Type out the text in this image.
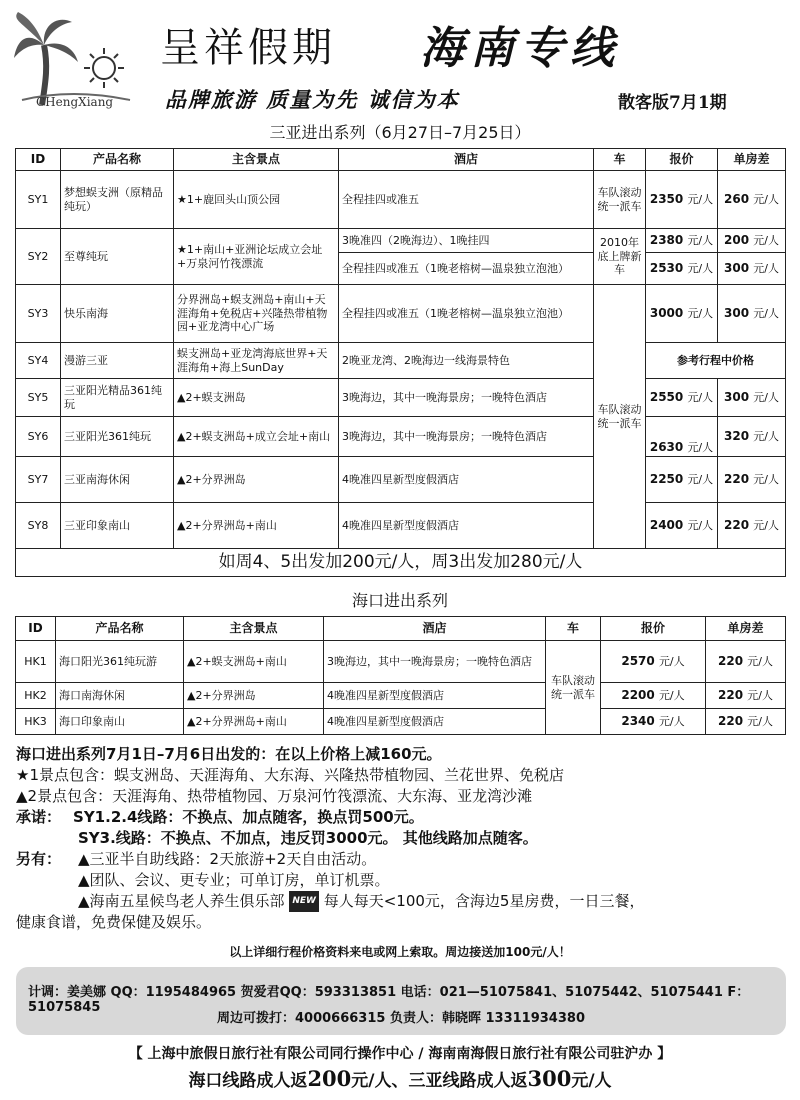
CHengXiang
呈祥假期 海南专线
品牌旅游 质量为先 诚信为本	散客版7月1期
三亚进出系列（6月27日–7月25日）
ID	产品名称	主含景点	酒店	车	报价	单房差
SY1	梦想蜈支洲（原精品纯玩）	★1+鹿回头山顶公园	全程挂四或准五	车队滚动统一派车	2350 元/人	260 元/人
SY2	至尊纯玩	★1+南山+亚洲论坛成立会址+万泉河竹筏漂流	3晚准四（2晚海边）、1晚挂四	2010年底上牌新车	2380 元/人	200 元/人
			全程挂四或准五（1晚老榕树—温泉独立泡池）		2530 元/人	300 元/人
SY3	快乐南海	分界洲岛+蜈支洲岛+南山+天涯海角+免税店+兴隆热带植物园+亚龙湾中心广场	全程挂四或准五（1晚老榕树—温泉独立泡池）	车队滚动统一派车	3000 元/人	300 元/人
SY4	漫游三亚	蜈支洲岛+亚龙湾海底世界+天涯海角+海上SunDay	2晚亚龙湾、2晚海边一线海景特色		参考行程中价格	
SY5	三亚阳光精品361纯玩	▲2+蜈支洲岛	3晚海边，其中一晚海景房；一晚特色酒店		2550 元/人	300 元/人
SY6	三亚阳光361纯玩	▲2+蜈支洲岛+成立会址+南山	3晚海边，其中一晚海景房；一晚特色酒店		2630 元/人	320 元/人
SY7	三亚南海休闲	▲2+分界洲岛	4晚准四星新型度假酒店		2250 元/人	220 元/人
SY8	三亚印象南山	▲2+分界洲岛+南山	4晚准四星新型度假酒店		2400 元/人	220 元/人
如周4、5出发加200元/人，周3出发加280元/人						
海口进出系列
ID	产品名称	主含景点	酒店	车	报价	单房差
HK1	海口阳光361纯玩游	▲2+蜈支洲岛+南山	3晚海边，其中一晚海景房；一晚特色酒店	车队滚动统一派车	2570 元/人	220 元/人
HK2	海口南海休闲	▲2+分界洲岛	4晚准四星新型度假酒店		2200 元/人	220 元/人
HK3	海口印象南山	▲2+分界洲岛+南山	4晚准四星新型度假酒店		2340 元/人	220 元/人
海口进出系列7月1日–7月6日出发的：在以上价格上减160元。
★1景点包含：蜈支洲岛、天涯海角、大东海、兴隆热带植物园、兰花世界、免税店
▲2景点包含：天涯海角、热带植物园、万泉河竹筏漂流、大东海、亚龙湾沙滩
承诺： SY1.2.4线路：不换点、加点随客，换点罚500元。
SY3.线路：不换点、不加点，违反罚3000元。 其他线路加点随客。
另有： ▲三亚半自助线路：2天旅游+2天自由活动。
▲团队、会议、更专业；可单订房，单订机票。
▲海南五星候鸟老人养生俱乐部 NEW 每人每天<100元，含海边5星房费，一日三餐，
健康食谱，免费保健及娱乐。
以上详细行程价格资料来电或网上索取。周边接送加100元/人！
计调：姜美娜 QQ：1195484965 贺爱君QQ：593313851 电话：021—51075841、51075442、51075441 F：51075845
周边可拨打：4000666315 负责人：韩晓晖 13311934380
【 上海中旅假日旅行社有限公司同行操作中心 / 海南南海假日旅行社有限公司驻沪办 】
海口线路成人返200元/人、三亚线路成人返300元/人
